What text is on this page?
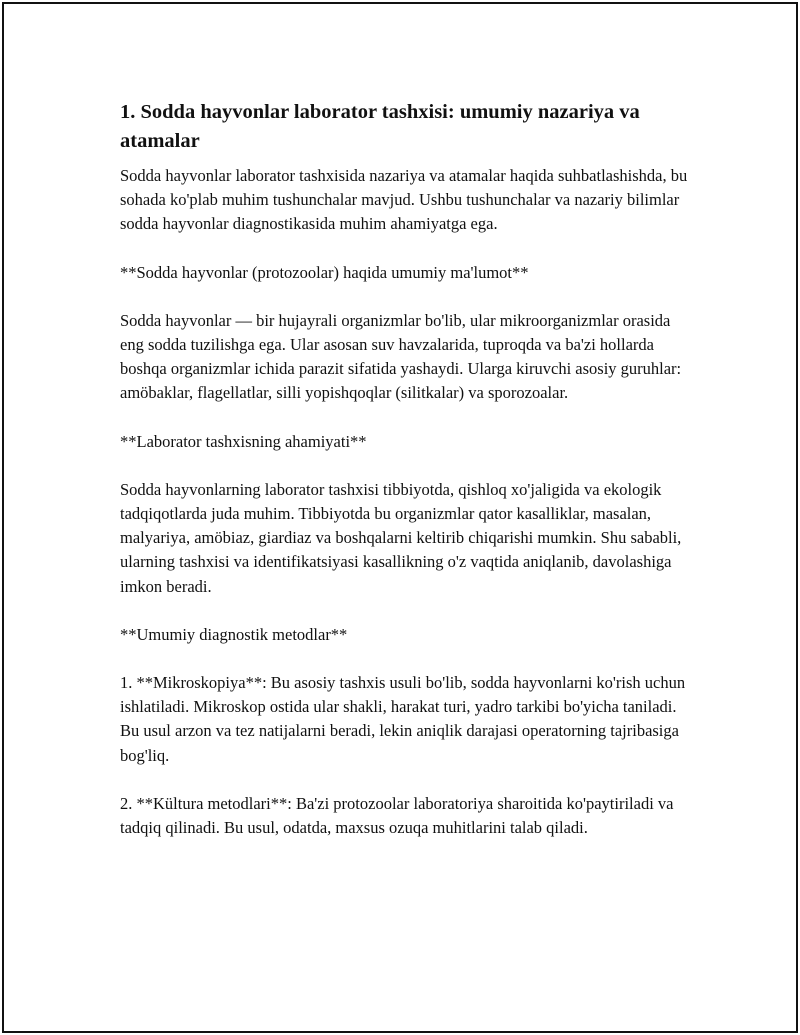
1. Sodda hayvonlar laborator tashxisi: umumiy nazariya va atamalar

Sodda hayvonlar laborator tashxisida nazariya va atamalar haqida suhbatlashishda, bu sohada ko'plab muhim tushunchalar mavjud. Ushbu tushunchalar va nazariy bilimlar sodda hayvonlar diagnostikasida muhim ahamiyatga ega.

**Sodda hayvonlar (protozoolar) haqida umumiy ma'lumot**

Sodda hayvonlar — bir hujayrali organizmlar bo'lib, ular mikroorganizmlar orasida eng sodda tuzilishga ega. Ular asosan suv havzalarida, tuproqda va ba'zi hollarda boshqa organizmlar ichida parazit sifatida yashaydi. Ularga kiruvchi asosiy guruhlar: amöbaklar, flagellatlar, silli yopishqoqlar (silitkalar) va sporozoalar.

**Laborator tashxisning ahamiyati**

Sodda hayvonlarning laborator tashxisi tibbiyotda, qishloq xo'jaligida va ekologik tadqiqotlarda juda muhim. Tibbiyotda bu organizmlar qator kasalliklar, masalan, malyariya, amöbiaz, giardiaz va boshqalarni keltirib chiqarishi mumkin. Shu sababli, ularning tashxisi va identifikatsiyasi kasallikning o'z vaqtida aniqlanib, davolashiga imkon beradi.

**Umumiy diagnostik metodlar**

1. **Mikroskopiya**: Bu asosiy tashxis usuli bo'lib, sodda hayvonlarni ko'rish uchun ishlatiladi. Mikroskop ostida ular shakli, harakat turi, yadro tarkibi bo'yicha taniladi. Bu usul arzon va tez natijalarni beradi, lekin aniqlik darajasi operatorning tajribasiga bog'liq.

2. **Kültura metodlari**: Ba'zi protozoolar laboratoriya sharoitida ko'paytiriladi va tadqiq qilinadi. Bu usul, odatda, maxsus ozuqa muhitlarini talab qiladi.
